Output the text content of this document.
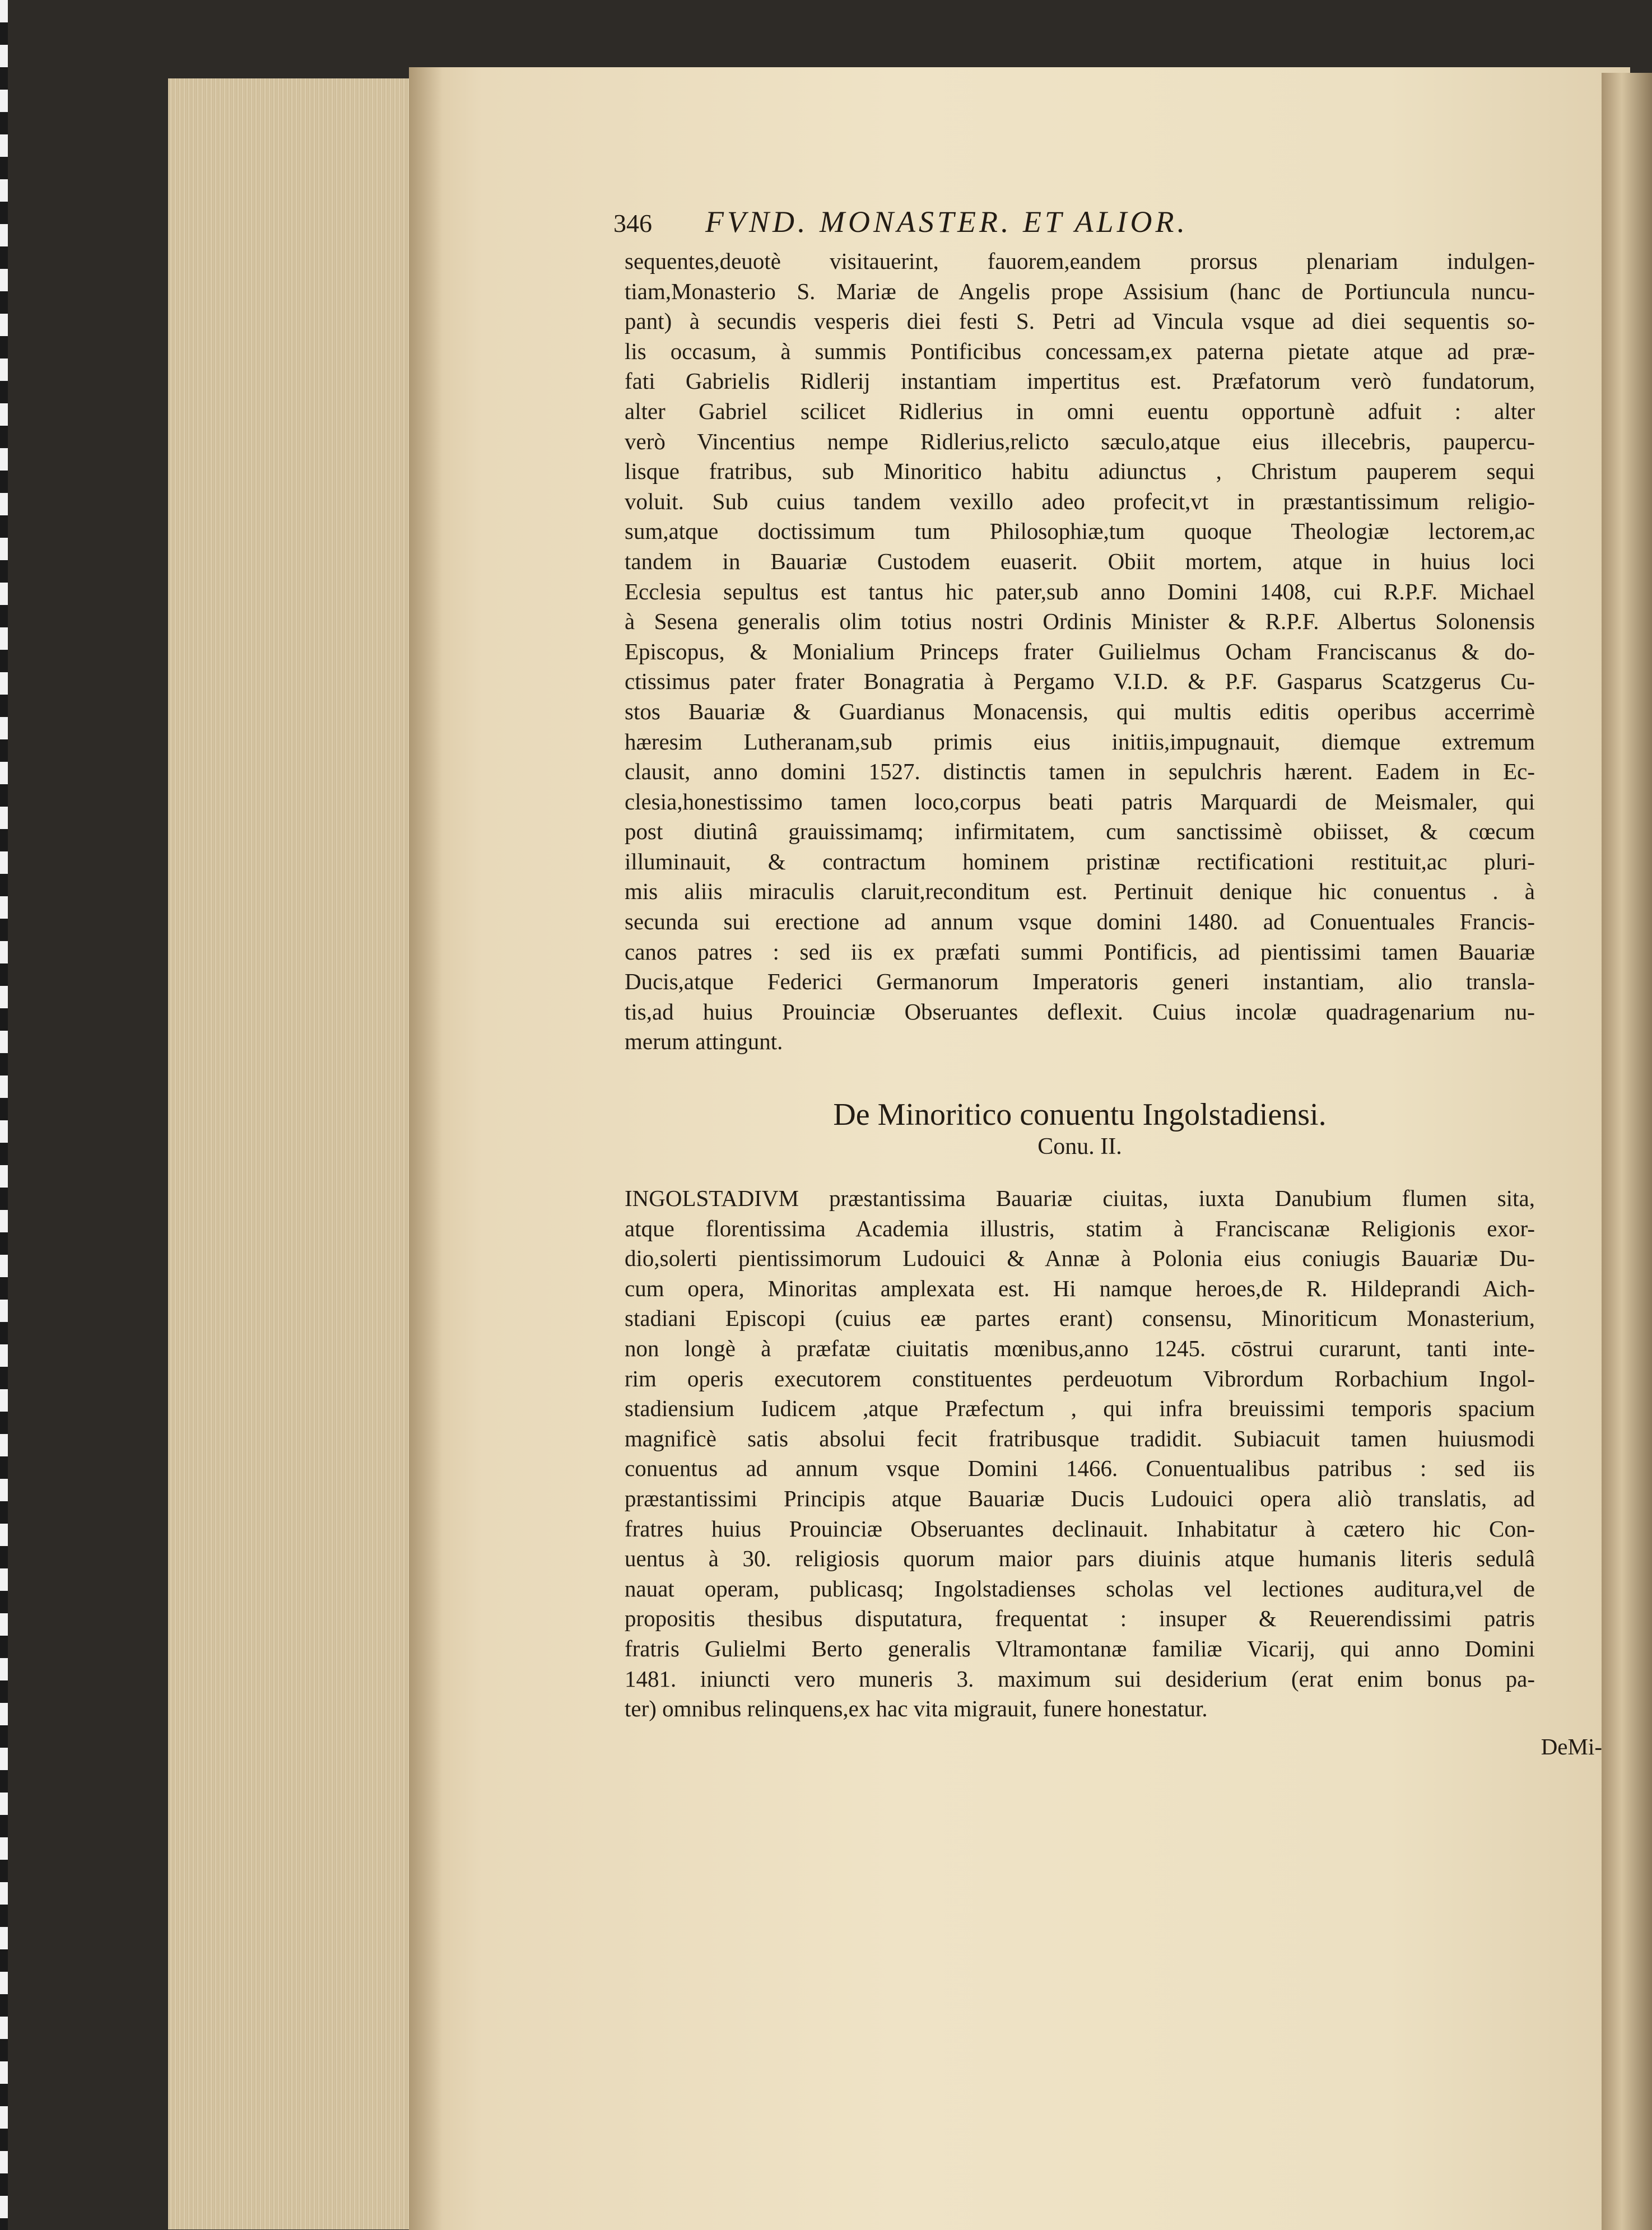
346 FVND. MONASTER. ET ALIOR.
sequentes,deuotè visitauerint, fauorem,eandem prorsus plenariam indulgen-
tiam,Monasterio S. Mariæ de Angelis prope Assisium (hanc de Portiuncula nuncu-
pant) à secundis vesperis diei festi S. Petri ad Vincula vsque ad diei sequentis so-
lis occasum, à summis Pontificibus concessam,ex paterna pietate atque ad præ-
fati Gabrielis Ridlerij instantiam impertitus est. Præfatorum verò fundatorum,
alter Gabriel scilicet Ridlerius in omni euentu opportunè adfuit : alter
verò Vincentius nempe Ridlerius,relicto sæculo,atque eius illecebris, paupercu-
lisque fratribus, sub Minoritico habitu adiunctus , Christum pauperem sequi
voluit. Sub cuius tandem vexillo adeo profecit,vt in præstantissimum religio-
sum,atque doctissimum tum Philosophiæ,tum quoque Theologiæ lectorem,ac
tandem in Bauariæ Custodem euaserit. Obiit mortem, atque in huius loci
Ecclesia sepultus est tantus hic pater,sub anno Domini 1408, cui R.P.F. Michael
à Sesena generalis olim totius nostri Ordinis Minister & R.P.F. Albertus Solonensis
Episcopus, & Monialium Princeps frater Guilielmus Ocham Franciscanus & do-
ctissimus pater frater Bonagratia à Pergamo V.I.D. & P.F. Gasparus Scatzgerus Cu-
stos Bauariæ & Guardianus Monacensis, qui multis editis operibus accerrimè
hæresim Lutheranam,sub primis eius initiis,impugnauit, diemque extremum
clausit, anno domini 1527. distinctis tamen in sepulchris hærent. Eadem in Ec-
clesia,honestissimo tamen loco,corpus beati patris Marquardi de Meismaler, qui
post diutinâ grauissimamq; infirmitatem, cum sanctissimè obiisset, & cœcum
illuminauit, & contractum hominem pristinæ rectificationi restituit,ac pluri-
mis aliis miraculis claruit,reconditum est. Pertinuit denique hic conuentus . à
secunda sui erectione ad annum vsque domini 1480. ad Conuentuales Francis-
canos patres : sed iis ex præfati summi Pontificis, ad pientissimi tamen Bauariæ
Ducis,atque Federici Germanorum Imperatoris generi instantiam, alio transla-
tis,ad huius Prouinciæ Obseruantes deflexit. Cuius incolæ quadragenarium nu-
merum attingunt.
De Minoritico conuentu Ingolstadiensi.
Conu. II.
INGOLSTADIVM præstantissima Bauariæ ciuitas, iuxta Danubium flumen sita,
atque florentissima Academia illustris, statim à Franciscanæ Religionis exor-
dio,solerti pientissimorum Ludouici & Annæ à Polonia eius coniugis Bauariæ Du-
cum opera, Minoritas amplexata est. Hi namque heroes,de R. Hildeprandi Aich-
stadiani Episcopi (cuius eæ partes erant) consensu, Minoriticum Monasterium,
non longè à præfatæ ciuitatis mœnibus,anno 1245. cōstrui curarunt, tanti inte-
rim operis executorem constituentes perdeuotum Vibrordum Rorbachium Ingol-
stadiensium Iudicem ,atque Præfectum , qui infra breuissimi temporis spacium
magnificè satis absolui fecit fratribusque tradidit. Subiacuit tamen huiusmodi
conuentus ad annum vsque Domini 1466. Conuentualibus patribus : sed iis
præstantissimi Principis atque Bauariæ Ducis Ludouici opera aliò translatis, ad
fratres huius Prouinciæ Obseruantes declinauit. Inhabitatur à cætero hic Con-
uentus à 30. religiosis quorum maior pars diuinis atque humanis literis sedulâ
nauat operam, publicasq; Ingolstadienses scholas vel lectiones auditura,vel de
propositis thesibus disputatura, frequentat : insuper & Reuerendissimi patris
fratris Gulielmi Berto generalis Vltramontanæ familiæ Vicarij, qui anno Domini
1481. iniuncti vero muneris 3. maximum sui desiderium (erat enim bonus pa-
ter) omnibus relinquens,ex hac vita migrauit, funere honestatur.
DeMi-
